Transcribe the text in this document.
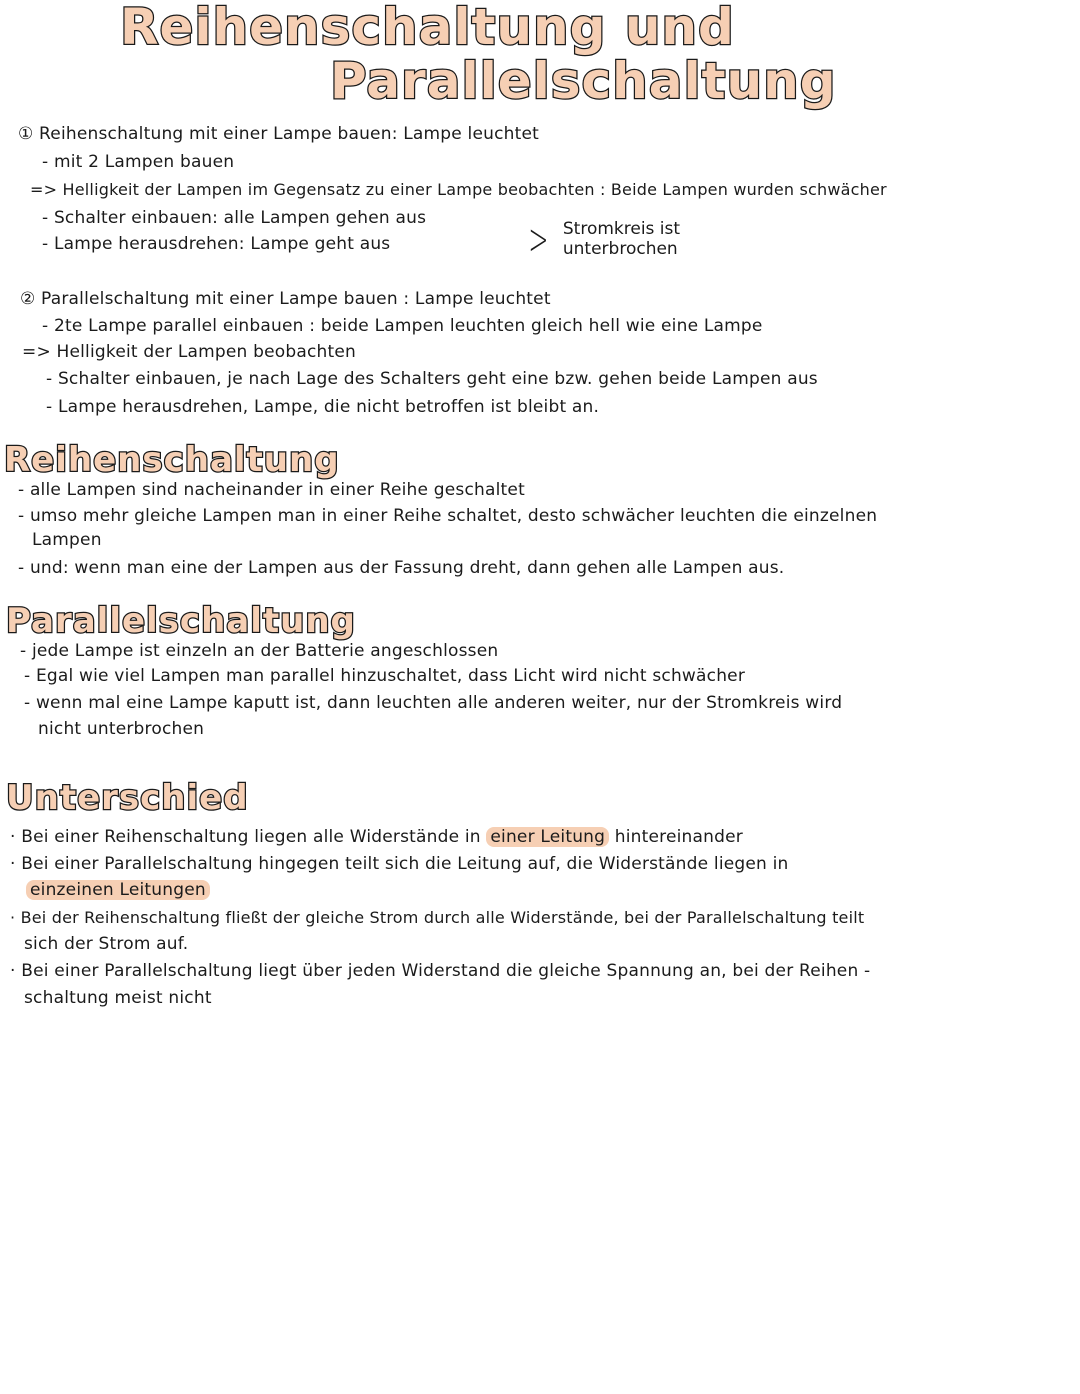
Reihenschaltung und
Parallelschaltung
① Reihenschaltung mit einer Lampe bauen: Lampe leuchtet
- mit 2 Lampen bauen
=> Helligkeit der Lampen im Gegensatz zu einer Lampe beobachten : Beide Lampen wurden schwächer
- Schalter einbauen: alle Lampen gehen aus
- Lampe herausdrehen: Lampe geht aus	> Stromkreis ist
unterbrochen
② Parallelschaltung mit einer Lampe bauen : Lampe leuchtet
- 2te Lampe parallel einbauen : beide Lampen leuchten gleich hell wie eine Lampe
=> Helligkeit der Lampen beobachten
- Schalter einbauen, je nach Lage des Schalters geht eine bzw. gehen beide Lampen aus
- Lampe herausdrehen, Lampe, die nicht betroffen ist bleibt an.
Reihenschaltung
- alle Lampen sind nacheinander in einer Reihe geschaltet
- umso mehr gleiche Lampen man in einer Reihe schaltet, desto schwächer leuchten die einzelnen
Lampen
- und: wenn man eine der Lampen aus der Fassung dreht, dann gehen alle Lampen aus.
Parallelschaltung
- jede Lampe ist einzeln an der Batterie angeschlossen
- Egal wie viel Lampen man parallel hinzuschaltet, dass Licht wird nicht schwächer
- wenn mal eine Lampe kaputt ist, dann leuchten alle anderen weiter, nur der Stromkreis wird
nicht unterbrochen
Unterschied
· Bei einer Reihenschaltung liegen alle Widerstände in einer Leitung hintereinander
· Bei einer Parallelschaltung hingegen teilt sich die Leitung auf, die Widerstände liegen in
einzeinen Leitungen
· Bei der Reihenschaltung fließt der gleiche Strom durch alle Widerstände, bei der Parallelschaltung teilt
sich der Strom auf.
· Bei einer Parallelschaltung liegt über jeden Widerstand die gleiche Spannung an, bei der Reihen -
schaltung meist nicht
